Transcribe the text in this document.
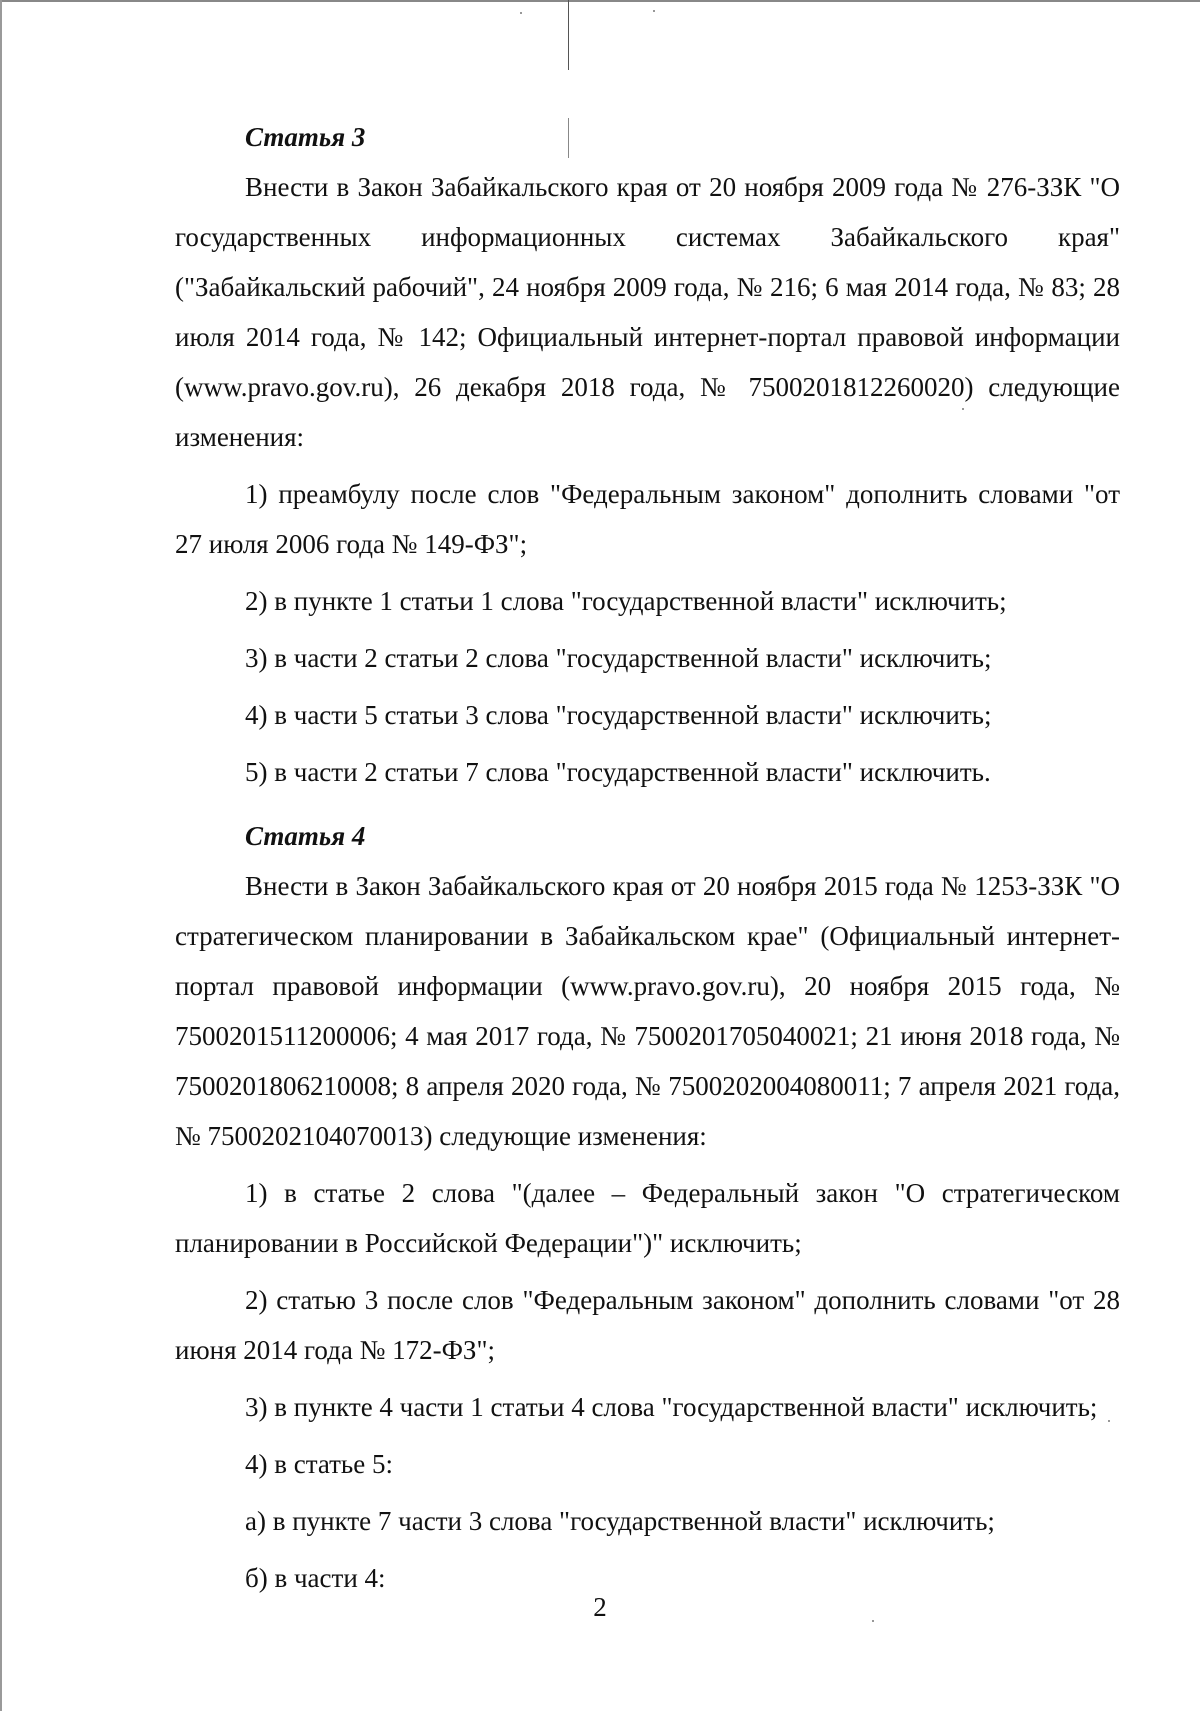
Статья 3

Внести в Закон Забайкальского края от 20 ноября 2009 года № 276-ЗЗК "О государственных информационных системах Забайкальского края" ("Забайкальский рабочий", 24 ноября 2009 года, № 216; 6 мая 2014 года, № 83; 28 июля 2014 года, № 142; Официальный интернет-портал правовой информации (www.pravo.gov.ru), 26 декабря 2018 года, № 7500201812260020) следующие изменения:

1) преамбулу после слов "Федеральным законом" дополнить словами "от 27 июля 2006 года № 149-ФЗ";

2) в пункте 1 статьи 1 слова "государственной власти" исключить;

3) в части 2 статьи 2 слова "государственной власти" исключить;

4) в части 5 статьи 3 слова "государственной власти" исключить;

5) в части 2 статьи 7 слова "государственной власти" исключить.

Статья 4

Внести в Закон Забайкальского края от 20 ноября 2015 года № 1253-ЗЗК "О стратегическом планировании в Забайкальском крае" (Официальный интернет-портал правовой информации (www.pravo.gov.ru), 20 ноября 2015 года, № 7500201511200006; 4 мая 2017 года, № 7500201705040021; 21 июня 2018 года, № 7500201806210008; 8 апреля 2020 года, № 7500202004080011; 7 апреля 2021 года, № 7500202104070013) следующие изменения:

1) в статье 2 слова "(далее – Федеральный закон "О стратегическом планировании в Российской Федерации")" исключить;

2) статью 3 после слов "Федеральным законом" дополнить словами "от 28 июня 2014 года № 172-ФЗ";

3) в пункте 4 части 1 статьи 4 слова "государственной власти" исключить;

4) в статье 5:

а) в пункте 7 части 3 слова "государственной власти" исключить;

б) в части 4:

2
